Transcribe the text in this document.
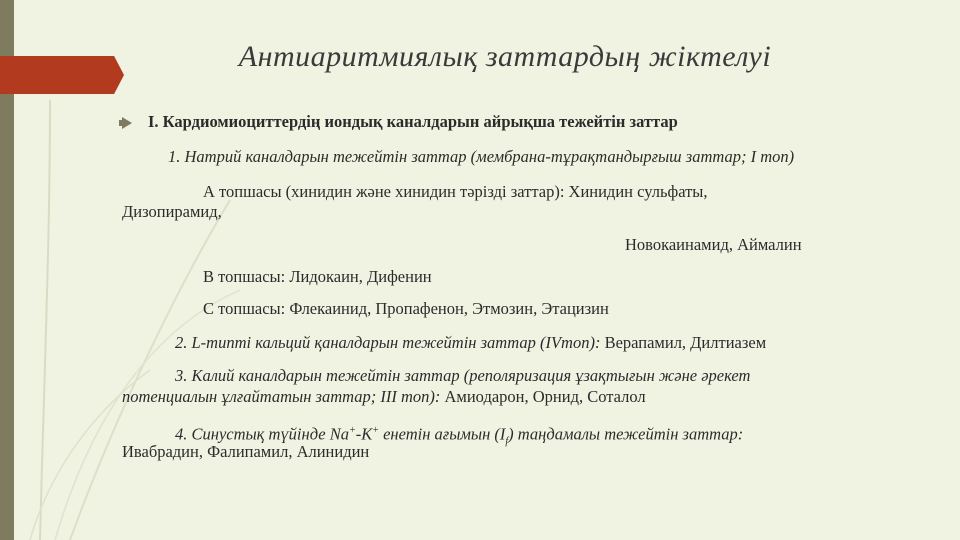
Антиаритмиялық заттардың жіктелуі
I. Кардиомиоциттердің иондық каналдарын айрықша тежейтін заттар
1. Натрий каналдарын тежейтін заттар (мембрана-тұрақтандырғыш заттар; I топ)
А топшасы (хинидин және хинидин тәрізді заттар): Хинидин сульфаты,
Дизопирамид,
Новокаинамид, Аймалин
В топшасы: Лидокаин, Дифенин
С топшасы: Флекаинид, Пропафенон, Этмозин, Этацизин
2. L-типті кальций қаналдарын тежейтін заттар (IVтоп): Верапамил, Дилтиазем
3. Калий каналдарын тежейтін заттар (реполяризация ұзақтығын және әрекет
потенциалын ұлғайтатын заттар; III топ): Амиодарон, Орнид, Соталол
4. Синустық түйінде Na+-K+ енетін ағымын $(I_f)$ таңдамалы тежейтін заттар:
Ивабрадин, Фалипамил, Алинидин
